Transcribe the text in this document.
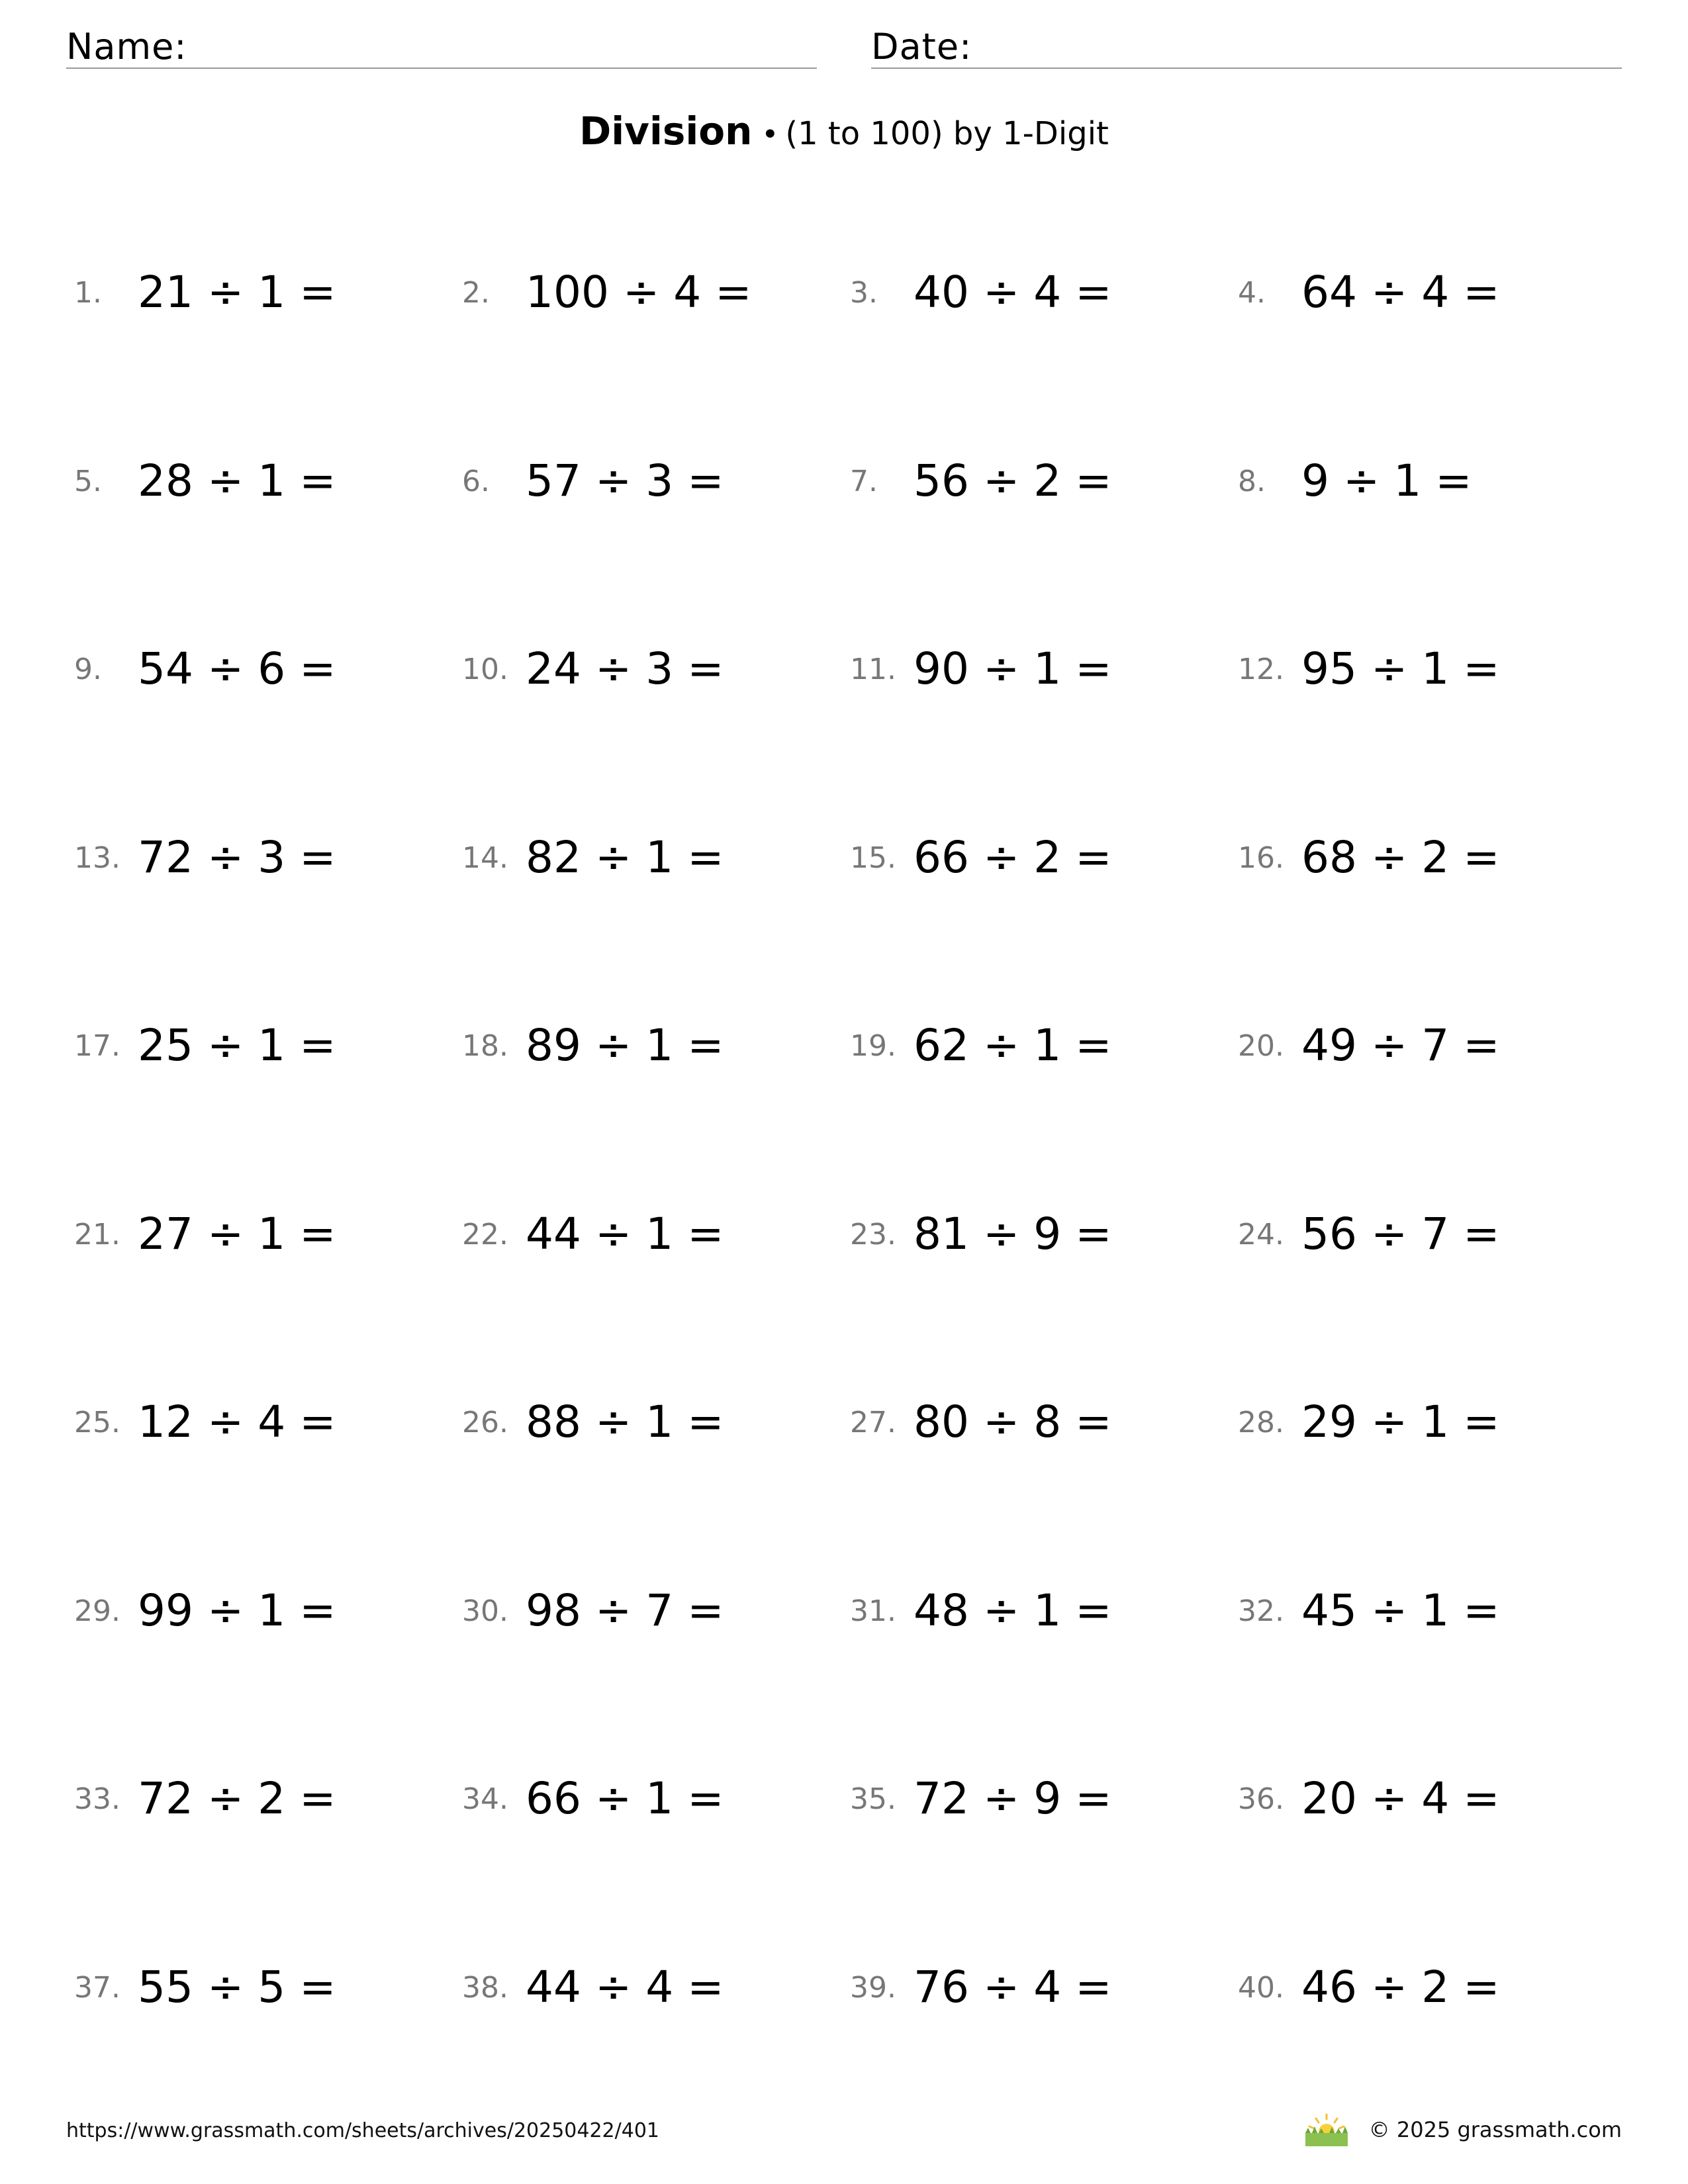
Name:	Date:
Division • (1 to 100) by 1-Digit
1. 21 ÷ 1 =	2. 100 ÷ 4 =	3. 40 ÷ 4 =	4. 64 ÷ 4 =
5. 28 ÷ 1 =	6. 57 ÷ 3 =	7. 56 ÷ 2 =	8. 9 ÷ 1 =
9. 54 ÷ 6 =	10. 24 ÷ 3 =	11. 90 ÷ 1 =	12. 95 ÷ 1 =
13. 72 ÷ 3 =	14. 82 ÷ 1 =	15. 66 ÷ 2 =	16. 68 ÷ 2 =
17. 25 ÷ 1 =	18. 89 ÷ 1 =	19. 62 ÷ 1 =	20. 49 ÷ 7 =
21. 27 ÷ 1 =	22. 44 ÷ 1 =	23. 81 ÷ 9 =	24. 56 ÷ 7 =
25. 12 ÷ 4 =	26. 88 ÷ 1 =	27. 80 ÷ 8 =	28. 29 ÷ 1 =
29. 99 ÷ 1 =	30. 98 ÷ 7 =	31. 48 ÷ 1 =	32. 45 ÷ 1 =
33. 72 ÷ 2 =	34. 66 ÷ 1 =	35. 72 ÷ 9 =	36. 20 ÷ 4 =
37. 55 ÷ 5 =	38. 44 ÷ 4 =	39. 76 ÷ 4 =	40. 46 ÷ 2 =
https://www.grassmath.com/sheets/archives/20250422/401	© 2025 grassmath.com
